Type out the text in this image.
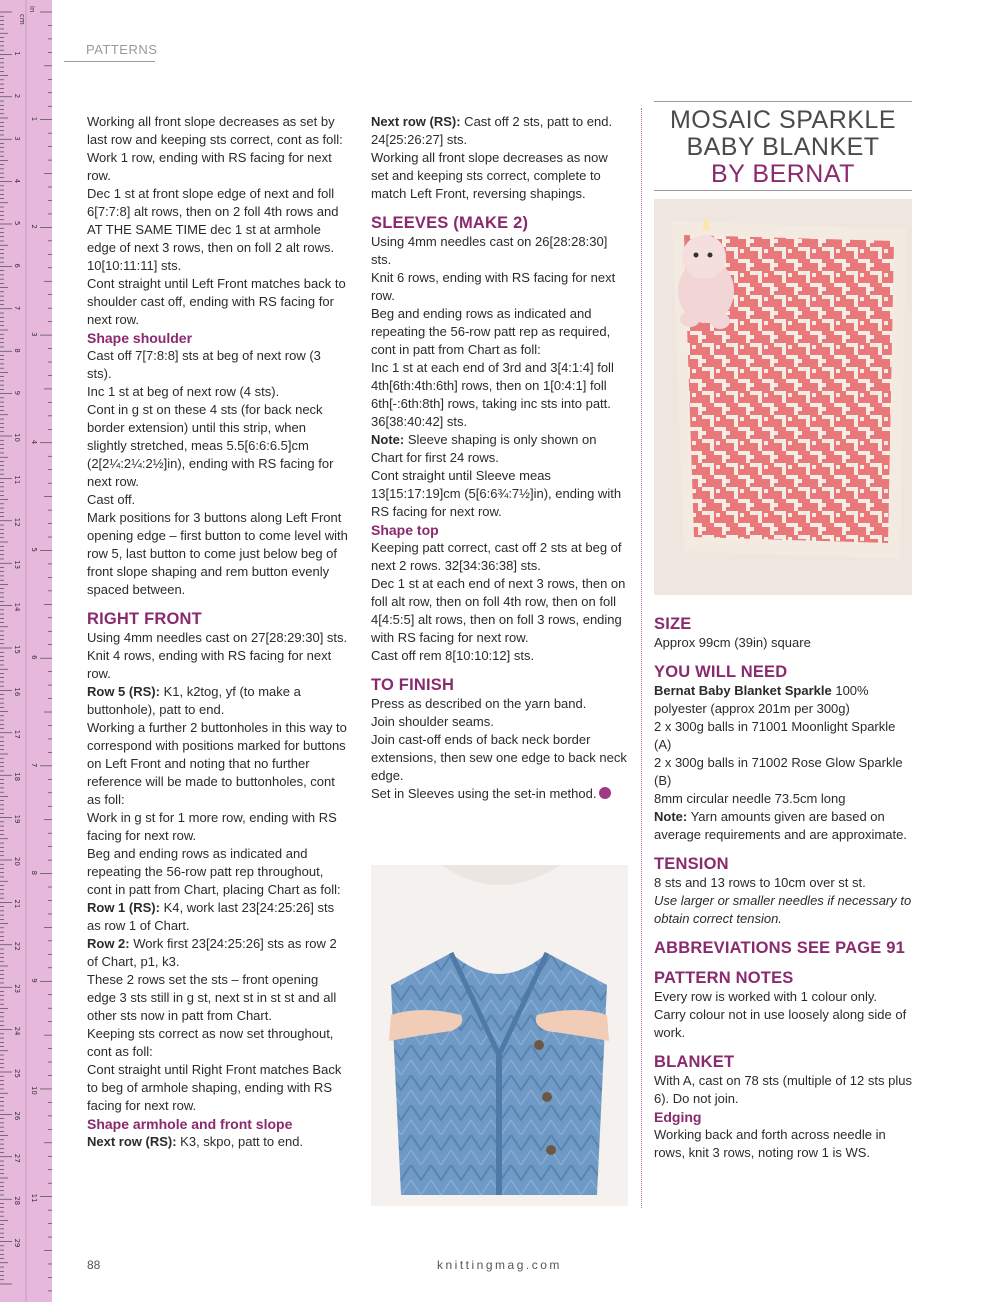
cm
in
1
2
3
4
5
6
7
8
9
10
11
12
13
14
15
16
17
18
19
20
21
22
23
24
25
26
27
28
29
1
2
3
4
5
6
7
8
9
10
11
PATTERNS

Working all front slope decreases as set by last row and keeping sts correct, cont as foll:

Work 1 row, ending with RS facing for next row.

Dec 1 st at front slope edge of next and foll 6[7:7:8] alt rows, then on 2 foll 4th rows and AT THE SAME TIME dec 1 st at armhole edge of next 3 rows, then on foll 2 alt rows. 10[10:11:11] sts.

Cont straight until Left Front matches back to shoulder cast off, ending with RS facing for next row.

Shape shoulder

Cast off 7[7:8:8] sts at beg of next row (3 sts).

Inc 1 st at beg of next row (4 sts).

Cont in g st on these 4 sts (for back neck border extension) until this strip, when slightly stretched, meas 5.5[6:6:6.5]cm (2[2¼:2¼:2½]in), ending with RS facing for next row.

Cast off.

Mark positions for 3 buttons along Left Front opening edge – first button to come level with row 5, last button to come just below beg of front slope shaping and rem button evenly spaced between.

RIGHT FRONT

Using 4mm needles cast on 27[28:29:30] sts.

Knit 4 rows, ending with RS facing for next row.

Row 5 (RS): K1, k2tog, yf (to make a buttonhole), patt to end.

Working a further 2 buttonholes in this way to correspond with positions marked for buttons on Left Front and noting that no further reference will be made to buttonholes, cont as foll:

Work in g st for 1 more row, ending with RS facing for next row.

Beg and ending rows as indicated and repeating the 56-row patt rep throughout, cont in patt from Chart, placing Chart as foll:

Row 1 (RS): K4, work last 23[24:25:26] sts as row 1 of Chart.

Row 2: Work first 23[24:25:26] sts as row 2 of Chart, p1, k3.

These 2 rows set the sts – front opening edge 3 sts still in g st, next st in st st and all other sts now in patt from Chart.

Keeping sts correct as now set throughout, cont as foll:

Cont straight until Right Front matches Back to beg of armhole shaping, ending with RS facing for next row.

Shape armhole and front slope

Next row (RS): K3, skpo, patt to end.

Next row (RS): Cast off 2 sts, patt to end. 24[25:26:27] sts.

Working all front slope decreases as now set and keeping sts correct, complete to match Left Front, reversing shapings.

SLEEVES (MAKE 2)

Using 4mm needles cast on 26[28:28:30] sts.

Knit 6 rows, ending with RS facing for next row.

Beg and ending rows as indicated and repeating the 56-row patt rep as required, cont in patt from Chart as foll:

Inc 1 st at each end of 3rd and 3[4:1:4] foll 4th[6th:4th:6th] rows, then on 1[0:4:1] foll 6th[-:6th:8th] rows, taking inc sts into patt. 36[38:40:42] sts.

Note: Sleeve shaping is only shown on Chart for first 24 rows.

Cont straight until Sleeve meas 13[15:17:19]cm (5[6:6¾:7½]in), ending with RS facing for next row.

Shape top

Keeping patt correct, cast off 2 sts at beg of next 2 rows. 32[34:36:38] sts.

Dec 1 st at each end of next 3 rows, then on foll alt row, then on foll 4th row, then on foll 4[4:5:5] alt rows, then on foll 3 rows, ending with RS facing for next row.

Cast off rem 8[10:10:12] sts.

TO FINISH

Press as described on the yarn band.

Join shoulder seams.

Join cast-off ends of back neck border extensions, then sew one edge to back neck edge.

Set in Sleeves using the set-in method.

MOSAIC SPARKLE
BABY BLANKET
BY BERNAT

SIZE

Approx 99cm (39in) square

YOU WILL NEED

Bernat Baby Blanket Sparkle 100% polyester (approx 201m per 300g)

2 x 300g balls in 71001 Moonlight Sparkle (A)

2 x 300g balls in 71002 Rose Glow Sparkle (B)

8mm circular needle 73.5cm long

Note: Yarn amounts given are based on average requirements and are approximate.

TENSION

8 sts and 13 rows to 10cm over st st.

Use larger or smaller needles if necessary to obtain correct tension.

ABBREVIATIONS SEE PAGE 91

PATTERN NOTES

Every row is worked with 1 colour only.

Carry colour not in use loosely along side of work.

BLANKET

With A, cast on 78 sts (multiple of 12 sts plus 6). Do not join.

Edging

Working back and forth across needle in rows, knit 3 rows, noting row 1 is WS.

88	knittingmag.com
